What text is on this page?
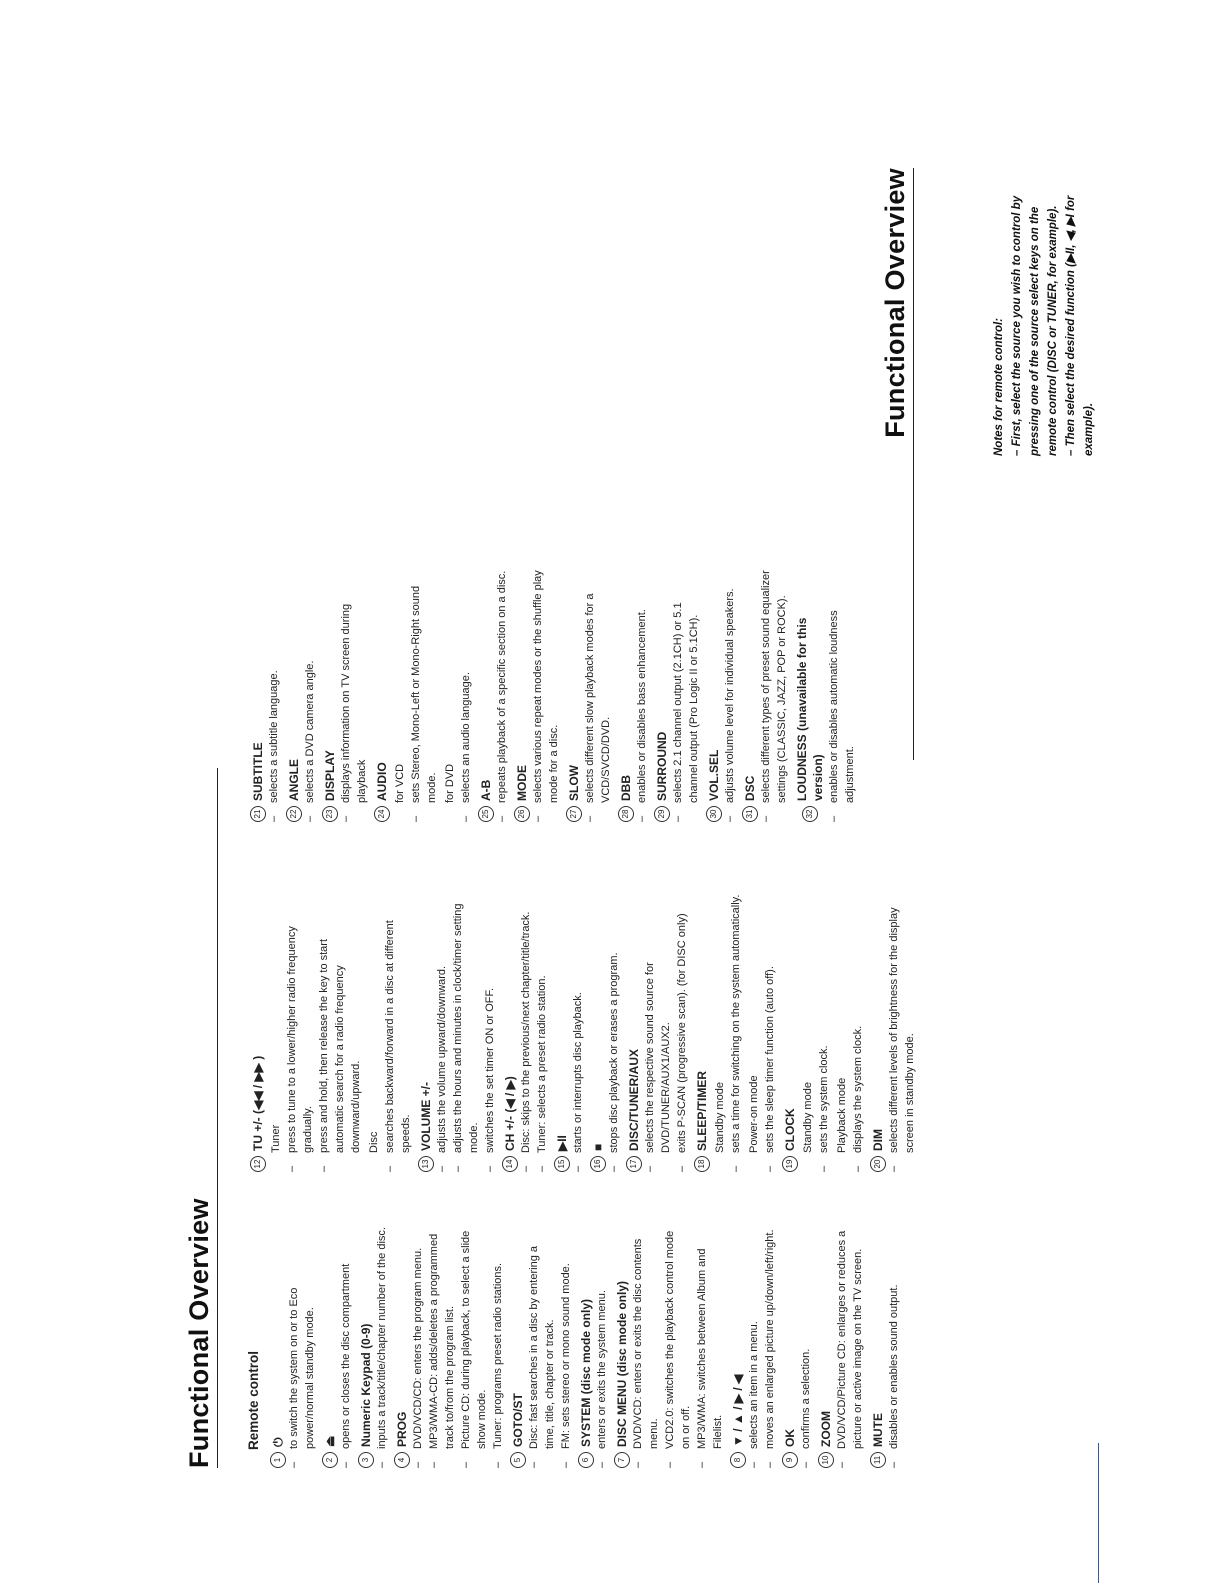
Functional Overview
Functional Overview
Remote control
1
⏻
–
to switch the system on or to Eco power/normal standby mode.
2
⏏
–
opens or closes the disc compartment
3
Numeric Keypad (0-9)
–
inputs a track/title/chapter number of the disc.
4
PROG
–
DVD/VCD/CD: enters the program menu.
–
MP3/WMA-CD: adds/deletes a programmed track to/from the program list.
–
Picture CD: during playback, to select a slide show mode.
–
Tuner: programs preset radio stations.
5
GOTO/ST
–
Disc: fast searches in a disc by entering a time, title, chapter or track.
–
FM: sets stereo or mono sound mode.
6
SYSTEM (disc mode only)
–
enters or exits the system menu.
7
DISC MENU (disc mode only)
–
DVD/VCD: enters or exits the disc contents menu.
–
VCD2.0: switches the playback control mode on or off.
–
MP3/WMA: switches between Album and Filelist.
8
▼ / ▲ / ▶ / ◀
–
selects an item in a menu.
–
moves an enlarged picture up/down/left/right.
9
OK
–
confirms a selection.
10
ZOOM
–
DVD/VCD/Picture CD: enlarges or reduces a picture or active image on the TV screen.
11
MUTE
–
disables or enables sound output.
12
TU +/- (◀◀ / ▶▶ ) Tuner
–
press to tune to a lower/higher radio frequency gradually.
–
press and hold, then release the key to start automatic search for a radio frequency downward/upward. Disc
–
searches backward/forward in a disc at different speeds.
13
VOLUME +/-
–
adjusts the volume upward/downward.
–
adjusts the hours and minutes in clock/timer setting mode.
–
switches the set timer ON or OFF.
14
CH +/- (◀ / ▶)
–
Disc: skips to the previous/next chapter/title/track.
–
Tuner: selects a preset radio station.
15
▶II
–
starts or interrupts disc playback.
16
■
–
stops disc playback or erases a program.
17
DISC/TUNER/AUX
–
selects the respective sound source for DVD/TUNER/AUX1/AUX2.
–
exits P-SCAN (progressive scan). (for DISC only)
18
SLEEP/TIMER Standby mode
–
sets a time for switching on the system automatically. Power-on mode
–
sets the sleep timer function (auto off).
19
CLOCK Standby mode
–
sets the system clock. Playback mode
–
displays the system clock.
20
DIM
–
selects different levels of brightness for the display screen in standby mode.
21
SUBTITLE
–
selects a subtitle language.
22
ANGLE
–
selects a DVD camera angle.
23
DISPLAY
–
displays information on TV screen during playback
24
AUDIO for VCD
–
sets Stereo, Mono-Left or Mono-Right sound mode. for DVD
–
selects an audio language.
25
A-B
–
repeats playback of a specific section on a disc.
26
MODE
–
selects various repeat modes or the shuffle play mode for a disc.
27
SLOW
–
selects different slow playback modes for a VCD/SVCD/DVD.
28
DBB
–
enables or disables bass enhancement.
29
SURROUND
–
selects 2.1 channel output (2.1CH) or 5.1 channel output (Pro Logic II or 5.1CH).
30
VOL.SEL
–
adjusts volume level for individual speakers.
31
DSC
–
selects different types of preset sound equalizer settings (CLASSIC, JAZZ, POP or ROCK).
32
LOUDNESS (unavailable for this version)
–
enables or disables automatic loudness adjustment.

Notes for remote control: – First, select the source you wish to control by pressing one of the source select keys on the remote control (DISC or TUNER, for example). – Then select the desired function (▶II, ◀, ▶I for example).
